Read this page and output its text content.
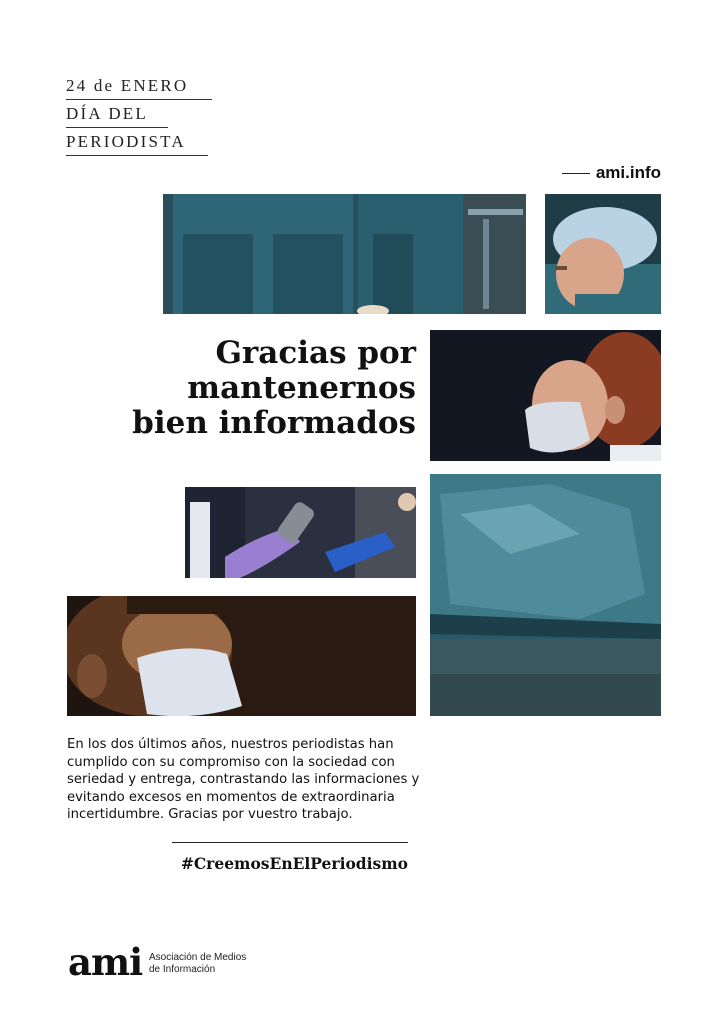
24 de ENERO
DÍA DEL
PERIODISTA
ami.info
Gracias por
mantenernos
bien informados
En los dos últimos años, nuestros periodistas han cumplido con su compromiso con la sociedad con seriedad y entrega, contrastando las informaciones y evitando excesos en momentos de extraordinaria incertidumbre. Gracias por vuestro trabajo.
#CreemosEnElPeriodismo
ami Asociación de Medios
de Información
